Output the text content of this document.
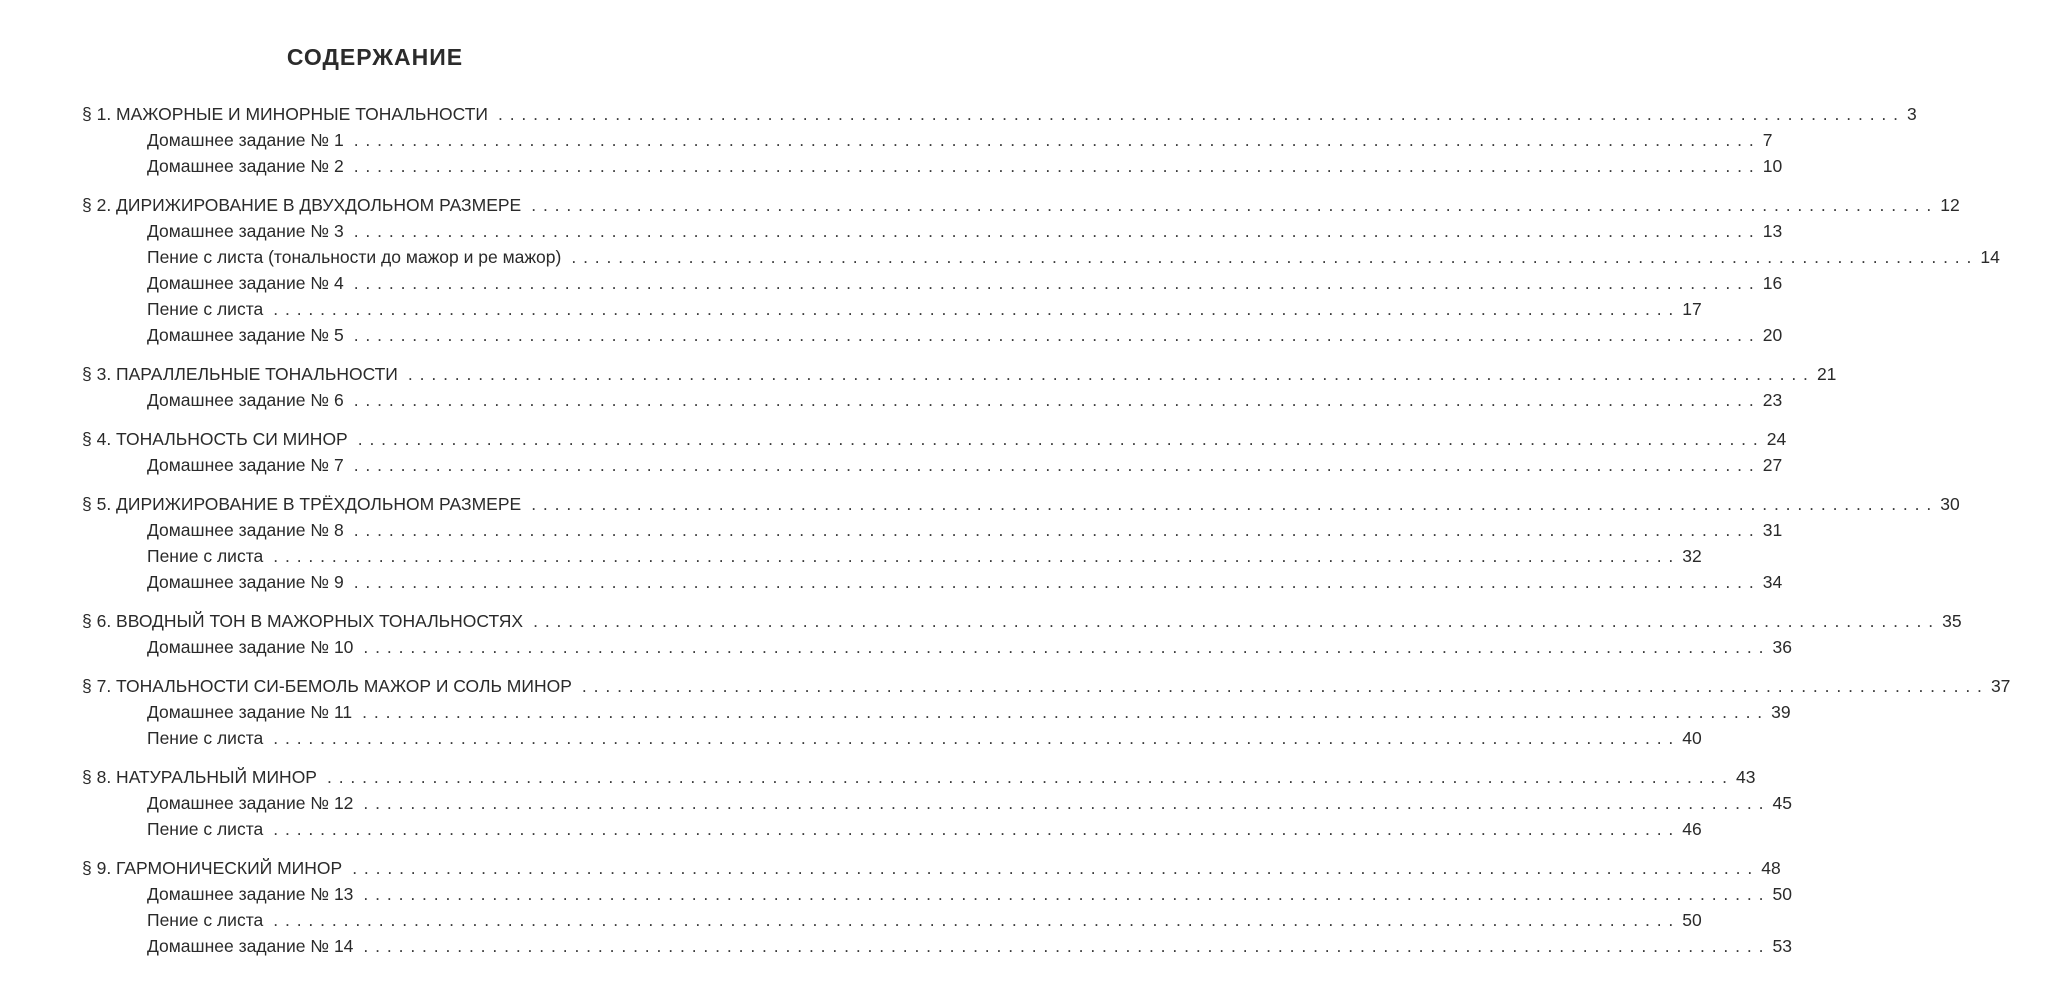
СОДЕРЖАНИЕ
§ 1. МАЖОРНЫЕ И МИНОРНЫЕ ТОНАЛЬНОСТИ . . . . . . . . . . . . . . . . . . . . . . . . . . . . . . . . . . . . . . . . . . . . . . . . . . . . . . . . . . . . . . . . . . . . . . . . . . . . . . . . . . . . . . . . . . . . . . . . . . . . . . . . . . . . . . . . . . . . . . . . 3
Домашнее задание № 1 . . . . . . . . . . . . . . . . . . . . . . . . . . . . . . . . . . . . . . . . . . . . . . . . . . . . . . . . . . . . . . . . . . . . . . . . . . . . . . . . . . . . . . . . . . . . . . . . . . . . . . . . . . . . . . . . . . . . . . . . 7
Домашнее задание № 2 . . . . . . . . . . . . . . . . . . . . . . . . . . . . . . . . . . . . . . . . . . . . . . . . . . . . . . . . . . . . . . . . . . . . . . . . . . . . . . . . . . . . . . . . . . . . . . . . . . . . . . . . . . . . . . . . . . . . . . . . 10
§ 2. ДИРИЖИРОВАНИЕ В ДВУХДОЛЬНОМ РАЗМЕРЕ . . . . . . . . . . . . . . . . . . . . . . . . . . . . . . . . . . . . . . . . . . . . . . . . . . . . . . . . . . . . . . . . . . . . . . . . . . . . . . . . . . . . . . . . . . . . . . . . . . . . . . . . . . . . . . . . . . . . . . . . 12
Домашнее задание № 3 . . . . . . . . . . . . . . . . . . . . . . . . . . . . . . . . . . . . . . . . . . . . . . . . . . . . . . . . . . . . . . . . . . . . . . . . . . . . . . . . . . . . . . . . . . . . . . . . . . . . . . . . . . . . . . . . . . . . . . . . 13
Пение с листа (тональности до мажор и ре мажор) . . . . . . . . . . . . . . . . . . . . . . . . . . . . . . . . . . . . . . . . . . . . . . . . . . . . . . . . . . . . . . . . . . . . . . . . . . . . . . . . . . . . . . . . . . . . . . . . . . . . . . . . . . . . . . . . . . . . . . . . 14
Домашнее задание № 4 . . . . . . . . . . . . . . . . . . . . . . . . . . . . . . . . . . . . . . . . . . . . . . . . . . . . . . . . . . . . . . . . . . . . . . . . . . . . . . . . . . . . . . . . . . . . . . . . . . . . . . . . . . . . . . . . . . . . . . . . 16
Пение с листа . . . . . . . . . . . . . . . . . . . . . . . . . . . . . . . . . . . . . . . . . . . . . . . . . . . . . . . . . . . . . . . . . . . . . . . . . . . . . . . . . . . . . . . . . . . . . . . . . . . . . . . . . . . . . . . . . . . . . . . . 17
Домашнее задание № 5 . . . . . . . . . . . . . . . . . . . . . . . . . . . . . . . . . . . . . . . . . . . . . . . . . . . . . . . . . . . . . . . . . . . . . . . . . . . . . . . . . . . . . . . . . . . . . . . . . . . . . . . . . . . . . . . . . . . . . . . . 20
§ 3. ПАРАЛЛЕЛЬНЫЕ ТОНАЛЬНОСТИ . . . . . . . . . . . . . . . . . . . . . . . . . . . . . . . . . . . . . . . . . . . . . . . . . . . . . . . . . . . . . . . . . . . . . . . . . . . . . . . . . . . . . . . . . . . . . . . . . . . . . . . . . . . . . . . . . . . . . . . . 21
Домашнее задание № 6 . . . . . . . . . . . . . . . . . . . . . . . . . . . . . . . . . . . . . . . . . . . . . . . . . . . . . . . . . . . . . . . . . . . . . . . . . . . . . . . . . . . . . . . . . . . . . . . . . . . . . . . . . . . . . . . . . . . . . . . . 23
§ 4. ТОНАЛЬНОСТЬ СИ МИНОР . . . . . . . . . . . . . . . . . . . . . . . . . . . . . . . . . . . . . . . . . . . . . . . . . . . . . . . . . . . . . . . . . . . . . . . . . . . . . . . . . . . . . . . . . . . . . . . . . . . . . . . . . . . . . . . . . . . . . . . . 24
Домашнее задание № 7 . . . . . . . . . . . . . . . . . . . . . . . . . . . . . . . . . . . . . . . . . . . . . . . . . . . . . . . . . . . . . . . . . . . . . . . . . . . . . . . . . . . . . . . . . . . . . . . . . . . . . . . . . . . . . . . . . . . . . . . . 27
§ 5. ДИРИЖИРОВАНИЕ В ТРЁХДОЛЬНОМ РАЗМЕРЕ . . . . . . . . . . . . . . . . . . . . . . . . . . . . . . . . . . . . . . . . . . . . . . . . . . . . . . . . . . . . . . . . . . . . . . . . . . . . . . . . . . . . . . . . . . . . . . . . . . . . . . . . . . . . . . . . . . . . . . . . 30
Домашнее задание № 8 . . . . . . . . . . . . . . . . . . . . . . . . . . . . . . . . . . . . . . . . . . . . . . . . . . . . . . . . . . . . . . . . . . . . . . . . . . . . . . . . . . . . . . . . . . . . . . . . . . . . . . . . . . . . . . . . . . . . . . . . 31
Пение с листа . . . . . . . . . . . . . . . . . . . . . . . . . . . . . . . . . . . . . . . . . . . . . . . . . . . . . . . . . . . . . . . . . . . . . . . . . . . . . . . . . . . . . . . . . . . . . . . . . . . . . . . . . . . . . . . . . . . . . . . . 32
Домашнее задание № 9 . . . . . . . . . . . . . . . . . . . . . . . . . . . . . . . . . . . . . . . . . . . . . . . . . . . . . . . . . . . . . . . . . . . . . . . . . . . . . . . . . . . . . . . . . . . . . . . . . . . . . . . . . . . . . . . . . . . . . . . . 34
§ 6. ВВОДНЫЙ ТОН В МАЖОРНЫХ ТОНАЛЬНОСТЯХ . . . . . . . . . . . . . . . . . . . . . . . . . . . . . . . . . . . . . . . . . . . . . . . . . . . . . . . . . . . . . . . . . . . . . . . . . . . . . . . . . . . . . . . . . . . . . . . . . . . . . . . . . . . . . . . . . . . . . . . . 35
Домашнее задание № 10 . . . . . . . . . . . . . . . . . . . . . . . . . . . . . . . . . . . . . . . . . . . . . . . . . . . . . . . . . . . . . . . . . . . . . . . . . . . . . . . . . . . . . . . . . . . . . . . . . . . . . . . . . . . . . . . . . . . . . . . . 36
§ 7. ТОНАЛЬНОСТИ СИ-БЕМОЛЬ МАЖОР И СОЛЬ МИНОР . . . . . . . . . . . . . . . . . . . . . . . . . . . . . . . . . . . . . . . . . . . . . . . . . . . . . . . . . . . . . . . . . . . . . . . . . . . . . . . . . . . . . . . . . . . . . . . . . . . . . . . . . . . . . . . . . . . . . . . . 37
Домашнее задание № 11 . . . . . . . . . . . . . . . . . . . . . . . . . . . . . . . . . . . . . . . . . . . . . . . . . . . . . . . . . . . . . . . . . . . . . . . . . . . . . . . . . . . . . . . . . . . . . . . . . . . . . . . . . . . . . . . . . . . . . . . . 39
Пение с листа . . . . . . . . . . . . . . . . . . . . . . . . . . . . . . . . . . . . . . . . . . . . . . . . . . . . . . . . . . . . . . . . . . . . . . . . . . . . . . . . . . . . . . . . . . . . . . . . . . . . . . . . . . . . . . . . . . . . . . . . 40
§ 8. НАТУРАЛЬНЫЙ МИНОР . . . . . . . . . . . . . . . . . . . . . . . . . . . . . . . . . . . . . . . . . . . . . . . . . . . . . . . . . . . . . . . . . . . . . . . . . . . . . . . . . . . . . . . . . . . . . . . . . . . . . . . . . . . . . . . . . . . . . . . . 43
Домашнее задание № 12 . . . . . . . . . . . . . . . . . . . . . . . . . . . . . . . . . . . . . . . . . . . . . . . . . . . . . . . . . . . . . . . . . . . . . . . . . . . . . . . . . . . . . . . . . . . . . . . . . . . . . . . . . . . . . . . . . . . . . . . . 45
Пение с листа . . . . . . . . . . . . . . . . . . . . . . . . . . . . . . . . . . . . . . . . . . . . . . . . . . . . . . . . . . . . . . . . . . . . . . . . . . . . . . . . . . . . . . . . . . . . . . . . . . . . . . . . . . . . . . . . . . . . . . . . 46
§ 9. ГАРМОНИЧЕСКИЙ МИНОР . . . . . . . . . . . . . . . . . . . . . . . . . . . . . . . . . . . . . . . . . . . . . . . . . . . . . . . . . . . . . . . . . . . . . . . . . . . . . . . . . . . . . . . . . . . . . . . . . . . . . . . . . . . . . . . . . . . . . . . . 48
Домашнее задание № 13 . . . . . . . . . . . . . . . . . . . . . . . . . . . . . . . . . . . . . . . . . . . . . . . . . . . . . . . . . . . . . . . . . . . . . . . . . . . . . . . . . . . . . . . . . . . . . . . . . . . . . . . . . . . . . . . . . . . . . . . . 50
Пение с листа . . . . . . . . . . . . . . . . . . . . . . . . . . . . . . . . . . . . . . . . . . . . . . . . . . . . . . . . . . . . . . . . . . . . . . . . . . . . . . . . . . . . . . . . . . . . . . . . . . . . . . . . . . . . . . . . . . . . . . . . 50
Домашнее задание № 14 . . . . . . . . . . . . . . . . . . . . . . . . . . . . . . . . . . . . . . . . . . . . . . . . . . . . . . . . . . . . . . . . . . . . . . . . . . . . . . . . . . . . . . . . . . . . . . . . . . . . . . . . . . . . . . . . . . . . . . . . 53
